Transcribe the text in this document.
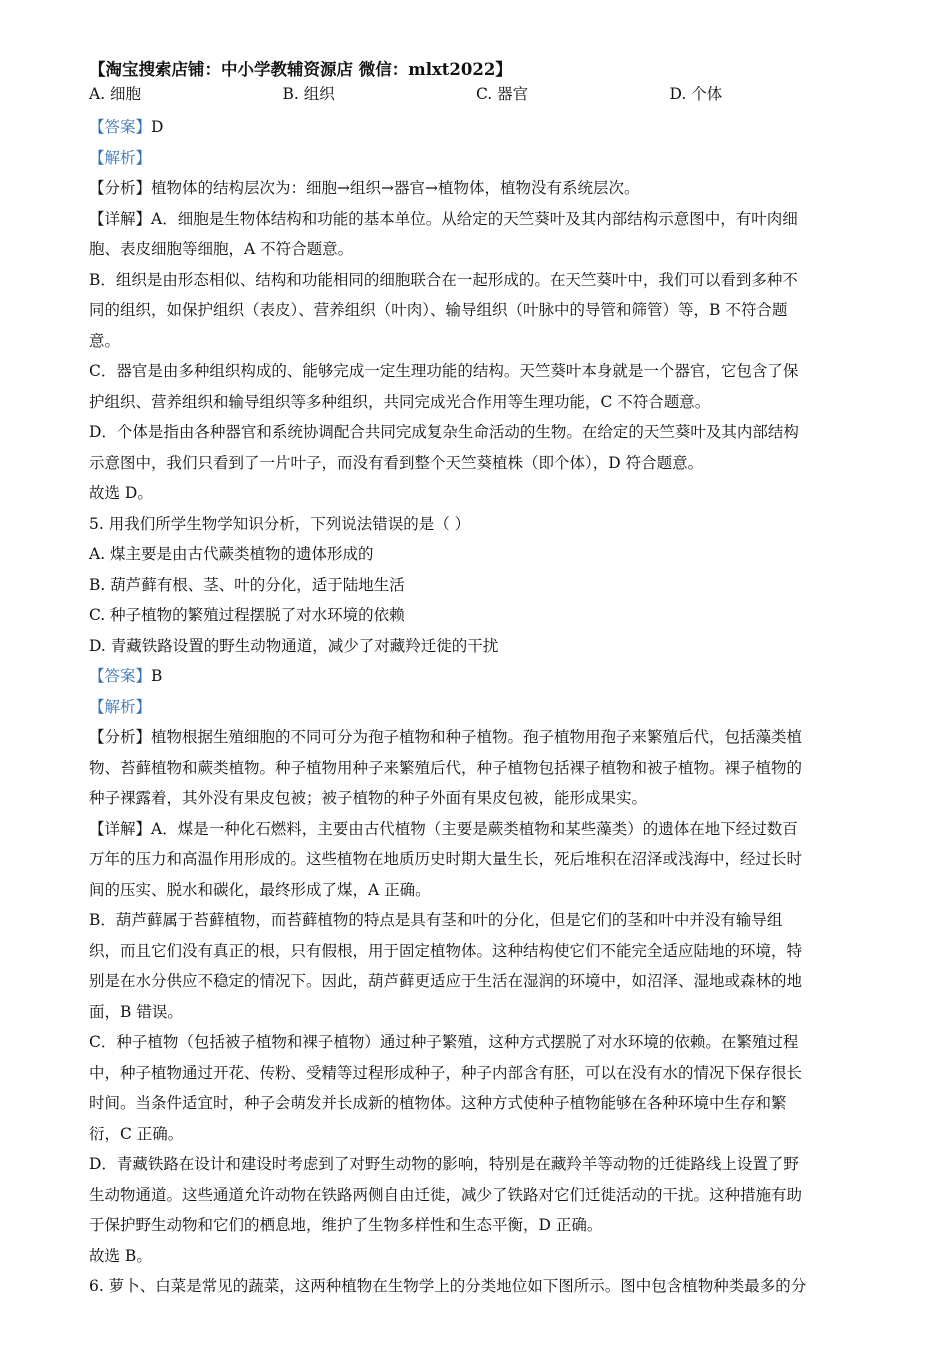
【淘宝搜索店铺：中小学教辅资源店 微信：mlxt2022】
A. 细胞	B. 组织	C. 器官	D. 个体
【答案】D
【解析】
【分析】植物体的结构层次为：细胞→组织→器官→植物体，植物没有系统层次。
【详解】A．细胞是生物体结构和功能的基本单位。从给定的天竺葵叶及其内部结构示意图中，有叶肉细
胞、表皮细胞等细胞，A 不符合题意。
B．组织是由形态相似、结构和功能相同的细胞联合在一起形成的。在天竺葵叶中，我们可以看到多种不
同的组织，如保护组织（表皮）、营养组织（叶肉）、输导组织（叶脉中的导管和筛管）等，B 不符合题
意。
C．器官是由多种组织构成的、能够完成一定生理功能的结构。天竺葵叶本身就是一个器官，它包含了保
护组织、营养组织和输导组织等多种组织，共同完成光合作用等生理功能，C 不符合题意。
D．个体是指由各种器官和系统协调配合共同完成复杂生命活动的生物。在给定的天竺葵叶及其内部结构
示意图中，我们只看到了一片叶子，而没有看到整个天竺葵植株（即个体），D 符合题意。
故选 D。
5. 用我们所学生物学知识分析，下列说法错误的是（ ）
A. 煤主要是由古代蕨类植物的遗体形成的
B. 葫芦藓有根、茎、叶的分化，适于陆地生活
C. 种子植物的繁殖过程摆脱了对水环境的依赖
D. 青藏铁路设置的野生动物通道，减少了对藏羚迁徙的干扰
【答案】B
【解析】
【分析】植物根据生殖细胞的不同可分为孢子植物和种子植物。孢子植物用孢子来繁殖后代，包括藻类植
物、苔藓植物和蕨类植物。种子植物用种子来繁殖后代，种子植物包括裸子植物和被子植物。裸子植物的
种子裸露着，其外没有果皮包被；被子植物的种子外面有果皮包被，能形成果实。
【详解】A．煤是一种化石燃料，主要由古代植物（主要是蕨类植物和某些藻类）的遗体在地下经过数百
万年的压力和高温作用形成的。这些植物在地质历史时期大量生长，死后堆积在沼泽或浅海中，经过长时
间的压实、脱水和碳化，最终形成了煤，A 正确。
B．葫芦藓属于苔藓植物，而苔藓植物的特点是具有茎和叶的分化，但是它们的茎和叶中并没有输导组
织，而且它们没有真正的根，只有假根，用于固定植物体。这种结构使它们不能完全适应陆地的环境，特
别是在水分供应不稳定的情况下。因此，葫芦藓更适应于生活在湿润的环境中，如沼泽、湿地或森林的地
面，B 错误。
C．种子植物（包括被子植物和裸子植物）通过种子繁殖，这种方式摆脱了对水环境的依赖。在繁殖过程
中，种子植物通过开花、传粉、受精等过程形成种子，种子内部含有胚，可以在没有水的情况下保存很长
时间。当条件适宜时，种子会萌发并长成新的植物体。这种方式使种子植物能够在各种环境中生存和繁
衍，C 正确。
D．青藏铁路在设计和建设时考虑到了对野生动物的影响，特别是在藏羚羊等动物的迁徙路线上设置了野
生动物通道。这些通道允许动物在铁路两侧自由迁徙，减少了铁路对它们迁徙活动的干扰。这种措施有助
于保护野生动物和它们的栖息地，维护了生物多样性和生态平衡，D 正确。
故选 B。
6. 萝卜、白菜是常见的蔬菜，这两种植物在生物学上的分类地位如下图所示。图中包含植物种类最多的分
